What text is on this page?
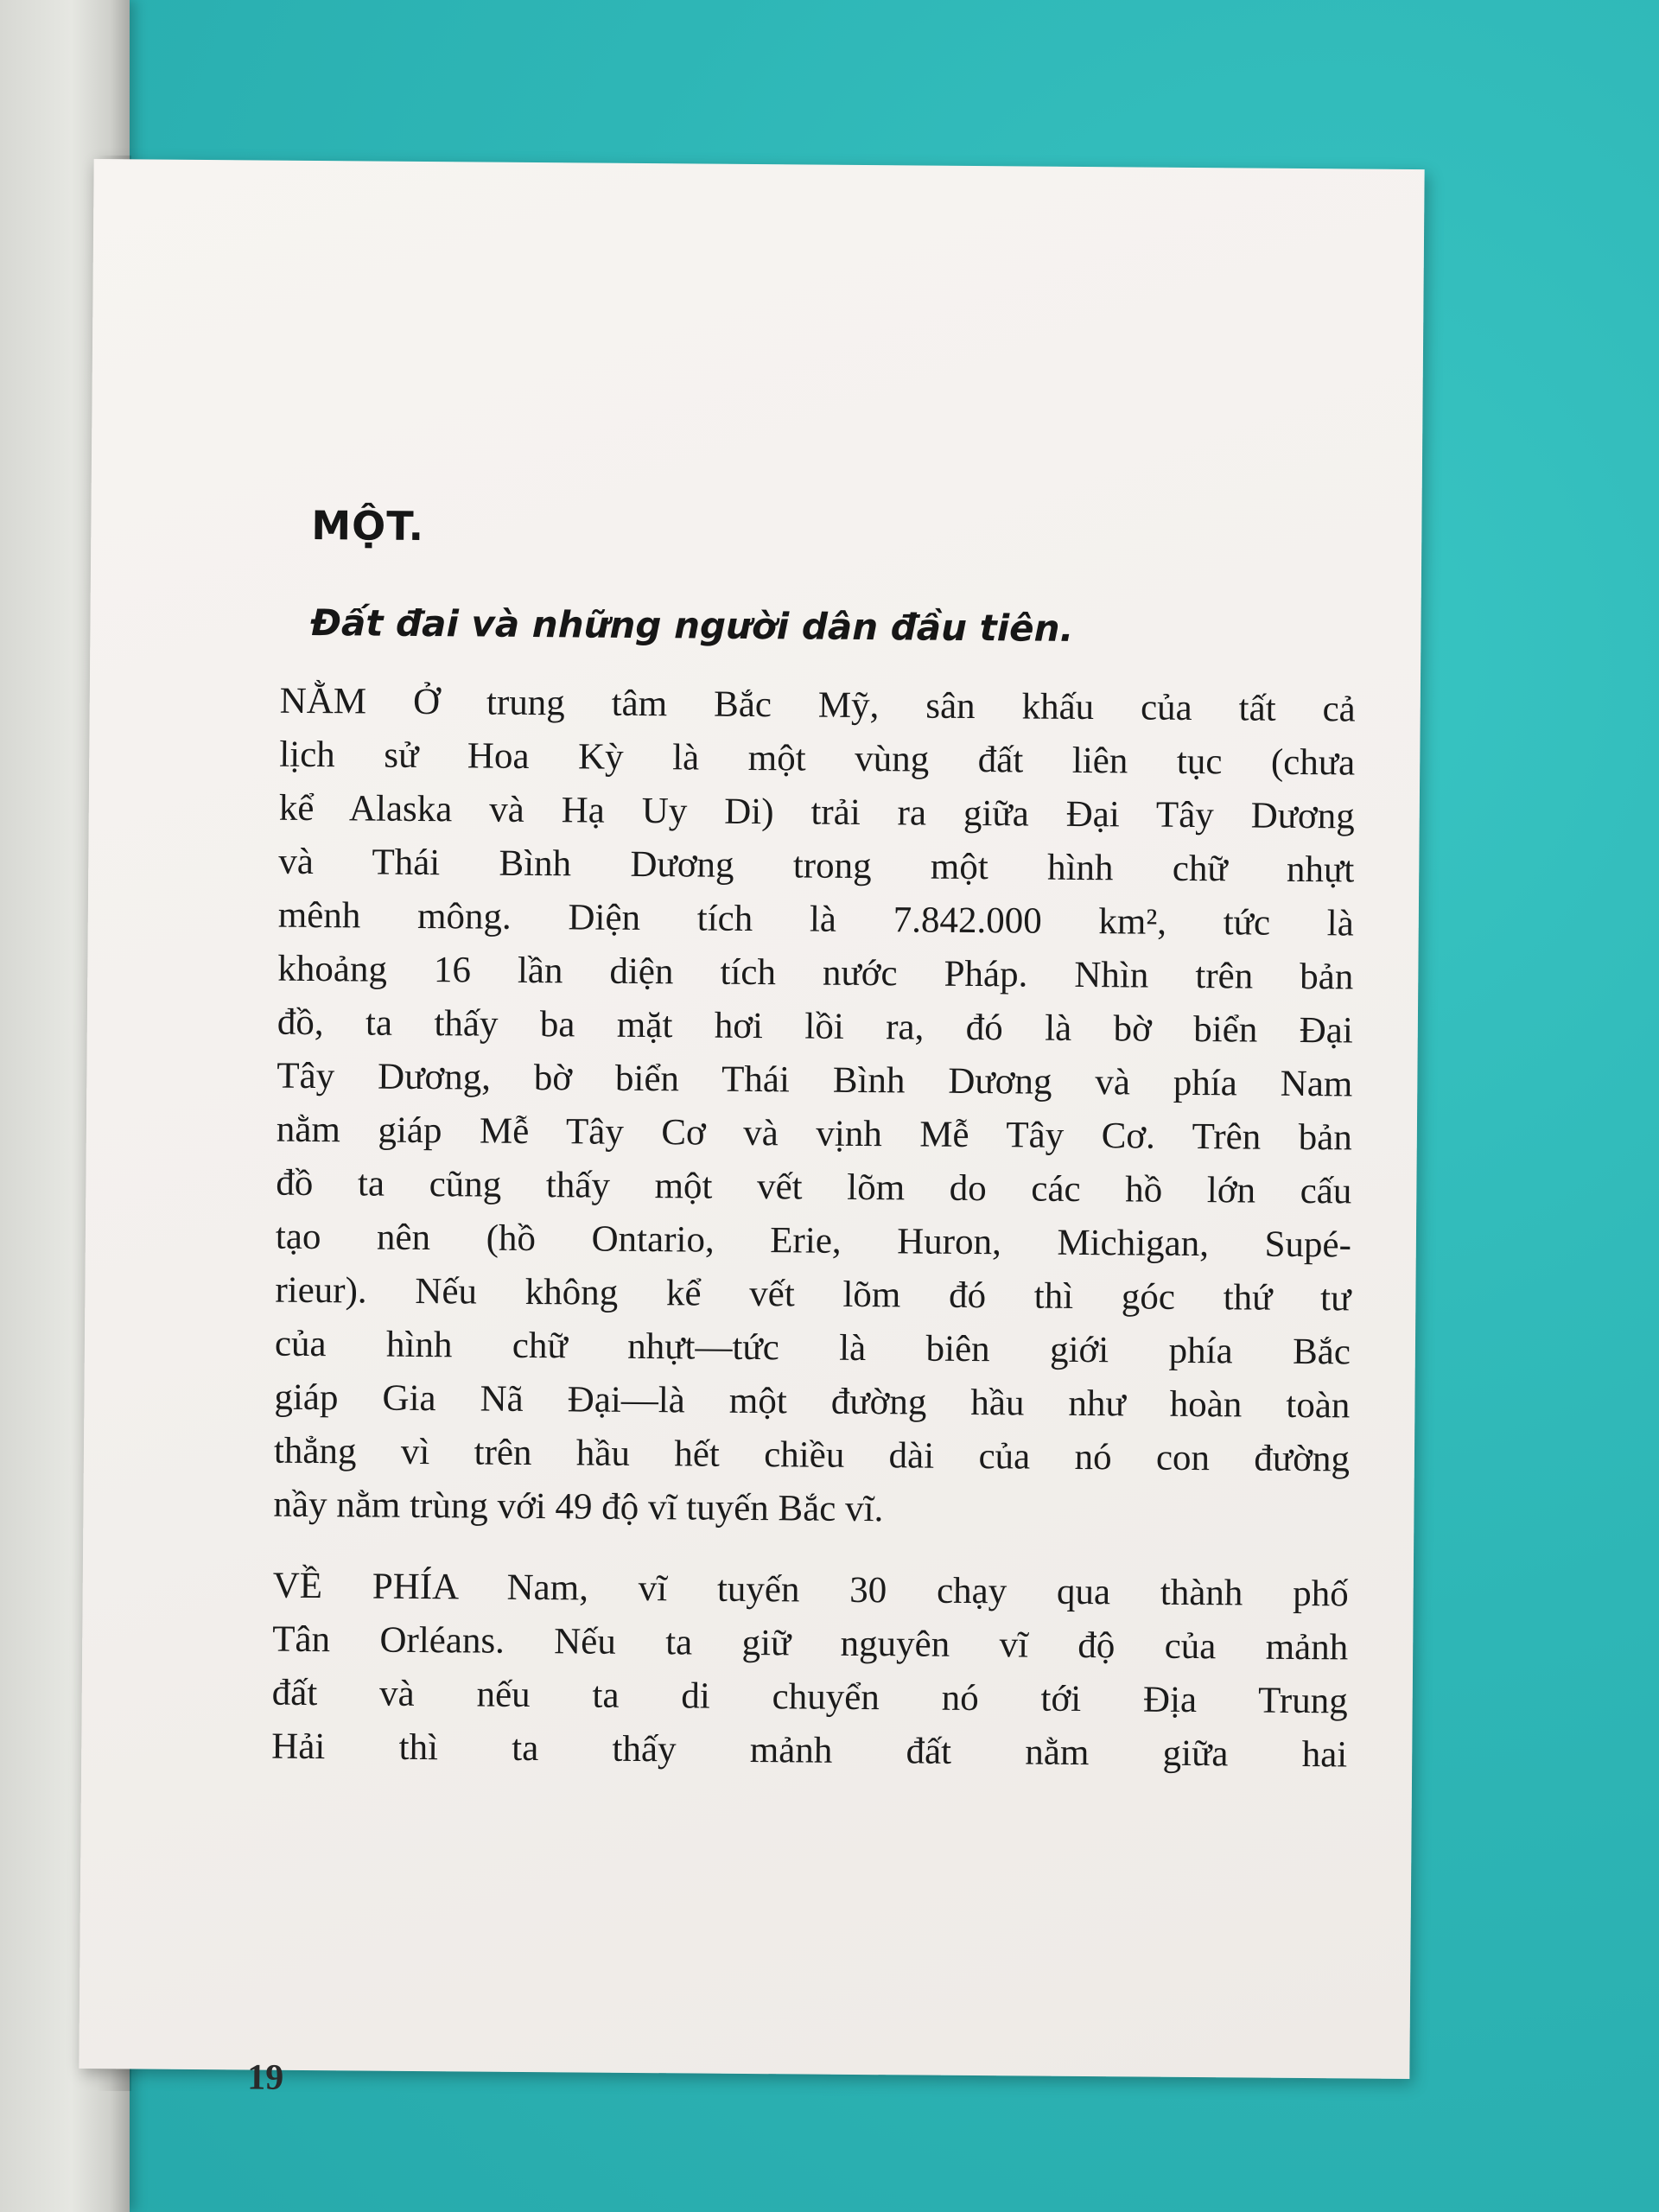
MỘT.
Đất đai và những người dân đầu tiên.

NẰM Ở trung tâm Bắc Mỹ, sân khấu của tất cả
lịch sử Hoa Kỳ là một vùng đất liên tục (chưa
kể Alaska và Hạ Uy Di) trải ra giữa Đại Tây Dương
và Thái Bình Dương trong một hình chữ nhựt
mênh mông. Diện tích là 7.842.000 km², tức là
khoảng 16 lần diện tích nước Pháp. Nhìn trên bản
đồ, ta thấy ba mặt hơi lồi ra, đó là bờ biển Đại
Tây Dương, bờ biển Thái Bình Dương và phía Nam
nằm giáp Mễ Tây Cơ và vịnh Mễ Tây Cơ. Trên bản
đồ ta cũng thấy một vết lõm do các hồ lớn cấu
tạo nên (hồ Ontario, Erie, Huron, Michigan, Supé-
rieur). Nếu không kể vết lõm đó thì góc thứ tư
của hình chữ nhựt—tức là biên giới phía Bắc
giáp Gia Nã Đại—là một đường hầu như hoàn toàn
thẳng vì trên hầu hết chiều dài của nó con đường
nầy nằm trùng với 49 độ vĩ tuyến Bắc vĩ.

VỀ PHÍA Nam, vĩ tuyến 30 chạy qua thành phố
Tân Orléans. Nếu ta giữ nguyên vĩ độ của mảnh
đất và nếu ta di chuyển nó tới Địa Trung
Hải thì ta thấy mảnh đất nằm giữa hai

19
